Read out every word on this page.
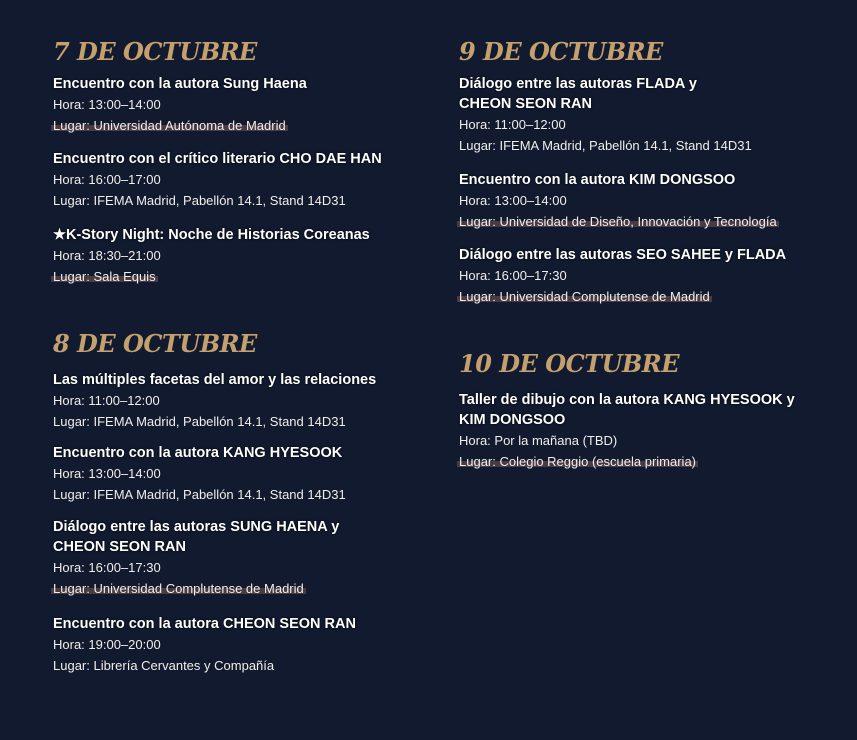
7 DE OCTUBRE
Encuentro con la autora Sung Haena
Hora: 13:00–14:00
Lugar: Universidad Autónoma de Madrid
Encuentro con el crítico literario CHO DAE HAN
Hora: 16:00–17:00
Lugar: IFEMA Madrid, Pabellón 14.1, Stand 14D31
★K-Story Night: Noche de Historias Coreanas
Hora: 18:30–21:00
Lugar: Sala Equis
8 DE OCTUBRE
Las múltiples facetas del amor y las relaciones
Hora: 11:00–12:00
Lugar: IFEMA Madrid, Pabellón 14.1, Stand 14D31
Encuentro con la autora KANG HYESOOK
Hora: 13:00–14:00
Lugar: IFEMA Madrid, Pabellón 14.1, Stand 14D31
Diálogo entre las autoras SUNG HAENA y CHEON SEON RAN
Hora: 16:00–17:30
Lugar: Universidad Complutense de Madrid
Encuentro con la autora CHEON SEON RAN
Hora: 19:00–20:00
Lugar: Librería Cervantes y Compañía
9 DE OCTUBRE
Diálogo entre las autoras FLADA y CHEON SEON RAN
Hora: 11:00–12:00
Lugar: IFEMA Madrid, Pabellón 14.1, Stand 14D31
Encuentro con la autora KIM DONGSOO
Hora: 13:00–14:00
Lugar: Universidad de Diseño, Innovación y Tecnología
Diálogo entre las autoras SEO SAHEE y FLADA
Hora: 16:00–17:30
Lugar: Universidad Complutense de Madrid
10 DE OCTUBRE
Taller de dibujo con la autora KANG HYESOOK y KIM DONGSOO
Hora: Por la mañana (TBD)
Lugar: Colegio Reggio (escuela primaria)
